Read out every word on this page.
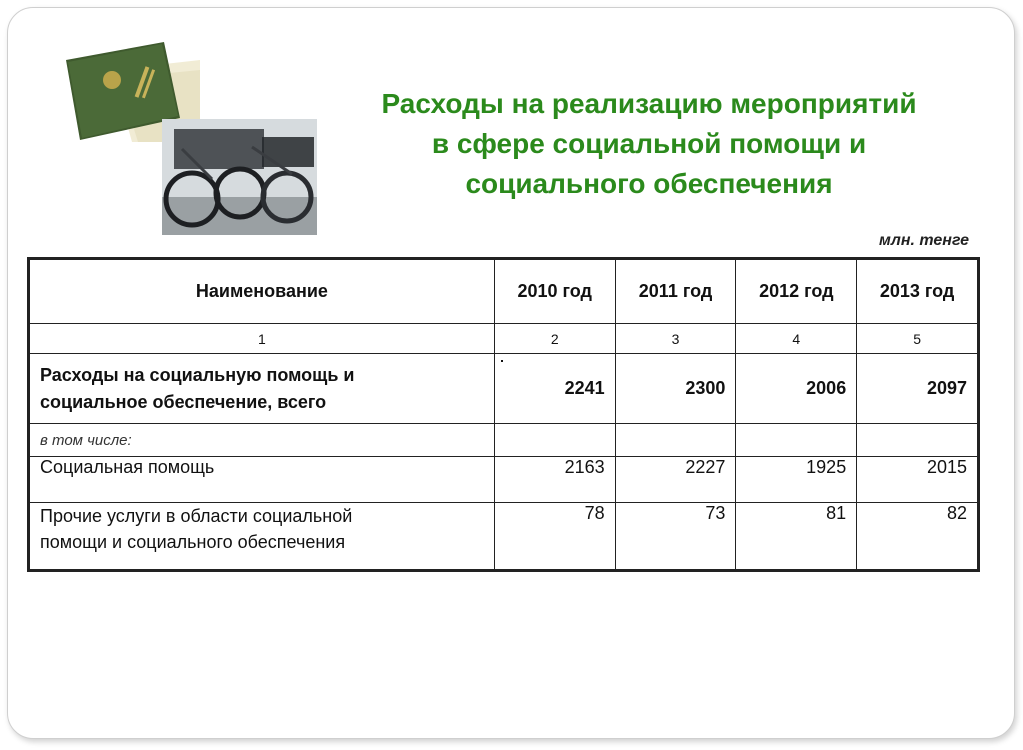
Расходы на реализацию мероприятий
в сфере социальной помощи и
социального обеспечения
млн. тенге
Наименование	2010 год	2011 год	2012 год	2013 год
1	2	3	4	5

Расходы на социальную помощь и
социальное обеспечение, всего	2241	2300	2006	2097
в том числе:				
Социальная помощь	2163	2227	1925	2015

Прочие услуги в области социальной
помощи и социального обеспечения	78	73	81	82
